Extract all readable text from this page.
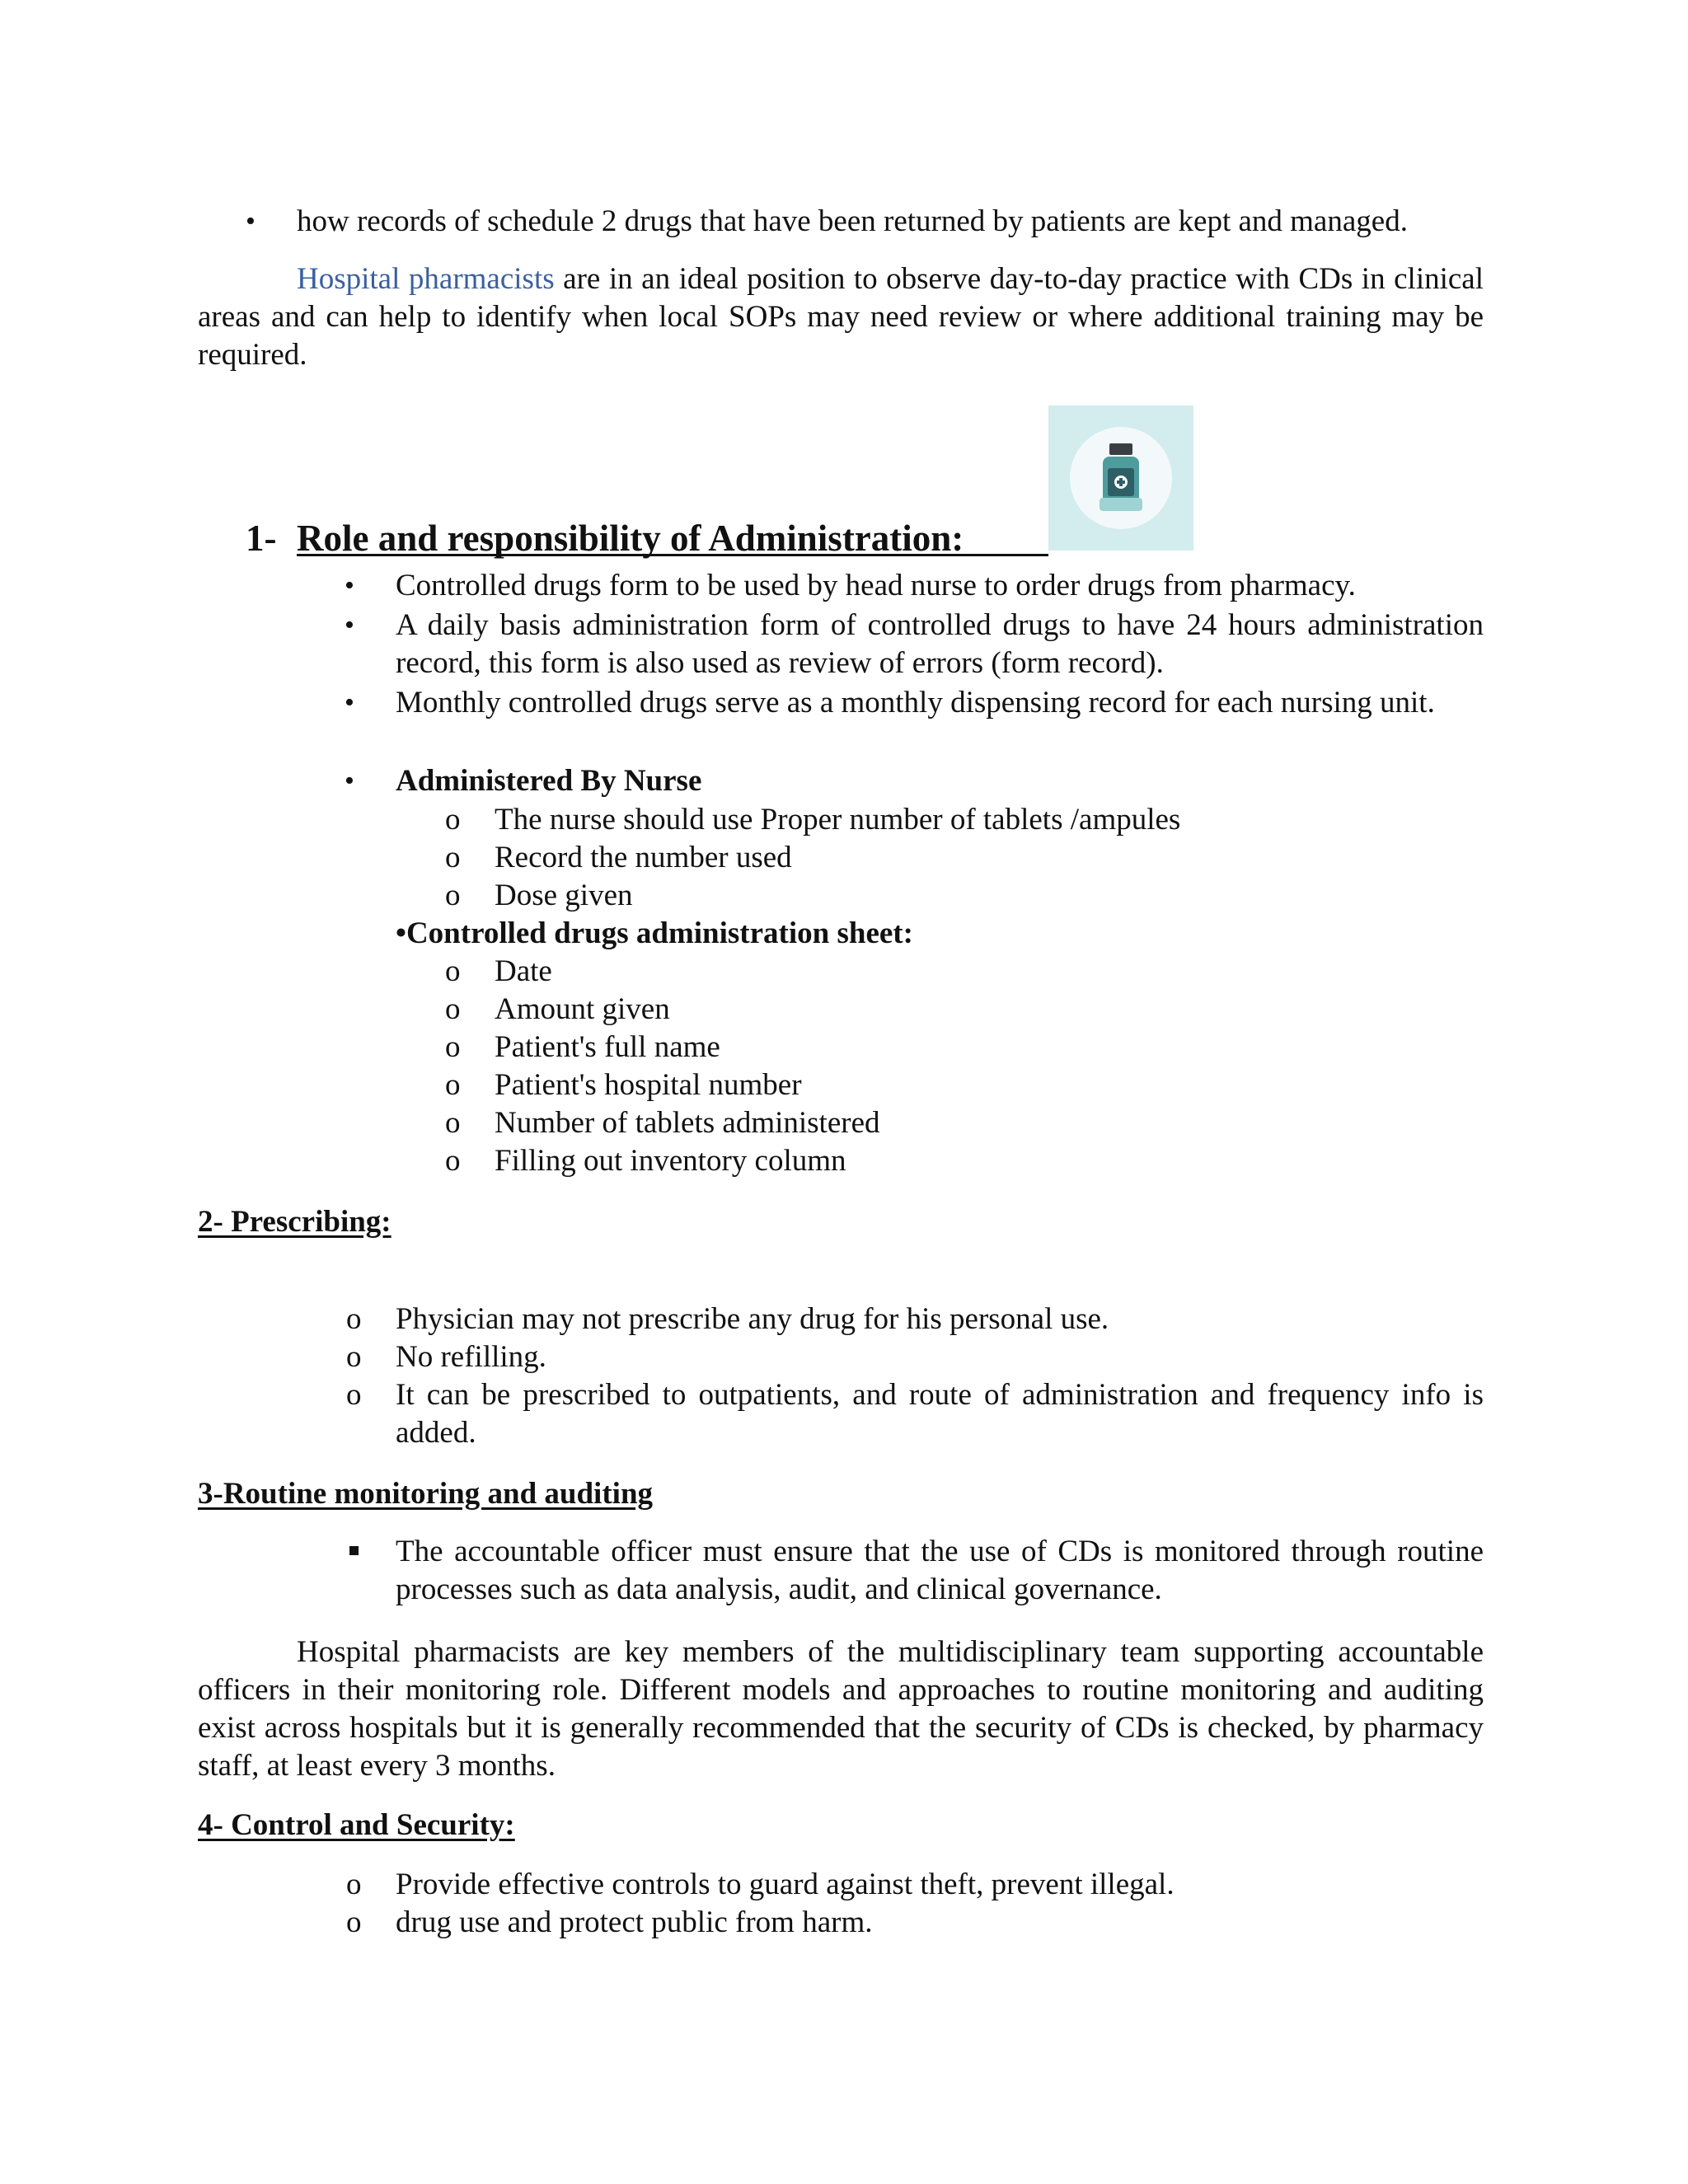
• how records of schedule 2 drugs that have been returned by patients are kept and managed.
Hospital pharmacists are in an ideal position to observe day-to-day practice with CDs in clinical areas and can help to identify when local SOPs may need review or where additional training may be required.
1- Role and responsibility of Administration:
• Controlled drugs form to be used by head nurse to order drugs from pharmacy.
• A daily basis administration form of controlled drugs to have 24 hours administration record, this form is also used as review of errors (form record).
• Monthly controlled drugs serve as a monthly dispensing record for each nursing unit.
• Administered By Nurse
o The nurse should use Proper number of tablets /ampules
o Record the number used
o Dose given
•Controlled drugs administration sheet:
o Date
o Amount given
o Patient's full name
o Patient's hospital number
o Number of tablets administered
o Filling out inventory column
2- Prescribing:
o Physician may not prescribe any drug for his personal use.
o No refilling.
o It can be prescribed to outpatients, and route of administration and frequency info is added.
3-Routine monitoring and auditing
The accountable officer must ensure that the use of CDs is monitored through routine processes such as data analysis, audit, and clinical governance.
Hospital pharmacists are key members of the multidisciplinary team supporting accountable officers in their monitoring role. Different models and approaches to routine monitoring and auditing exist across hospitals but it is generally recommended that the security of CDs is checked, by pharmacy staff, at least every 3 months.
4- Control and Security:
o Provide effective controls to guard against theft, prevent illegal.
o drug use and protect public from harm.
